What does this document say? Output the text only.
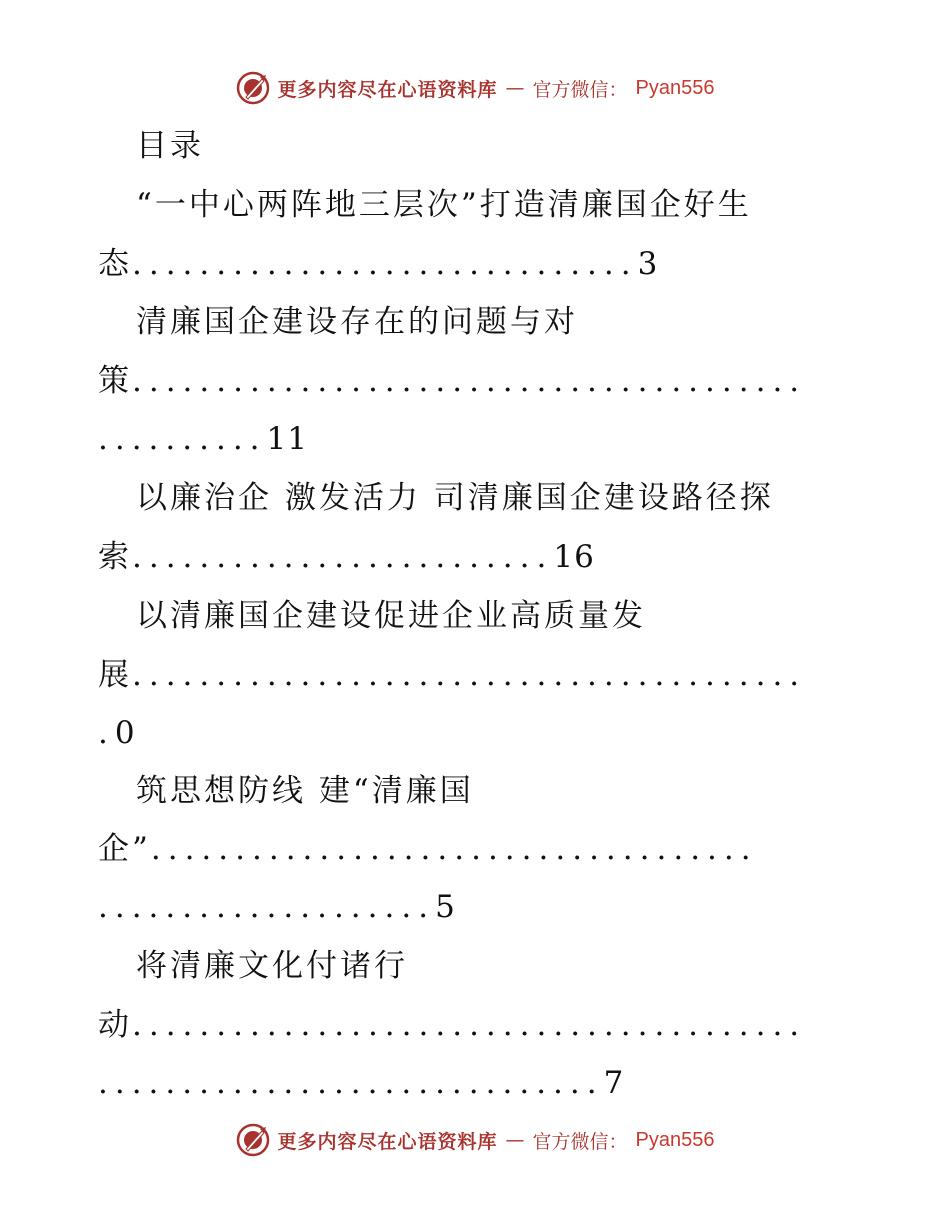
更多内容尽在心语资料库 — 官方微信： Pyan556
目录
“一中心两阵地三层次”打造清廉国企好生
态..............................3
清廉国企建设存在的问题与对
策........................................
..........11
以廉治企 激发活力 司清廉国企建设路径探
索.........................16
以清廉国企建设促进企业高质量发
展........................................
.0
筑思想防线 建“清廉国
企”....................................
....................5
将清廉文化付诸行
动........................................
..............................7
更多内容尽在心语资料库 — 官方微信： Pyan556
